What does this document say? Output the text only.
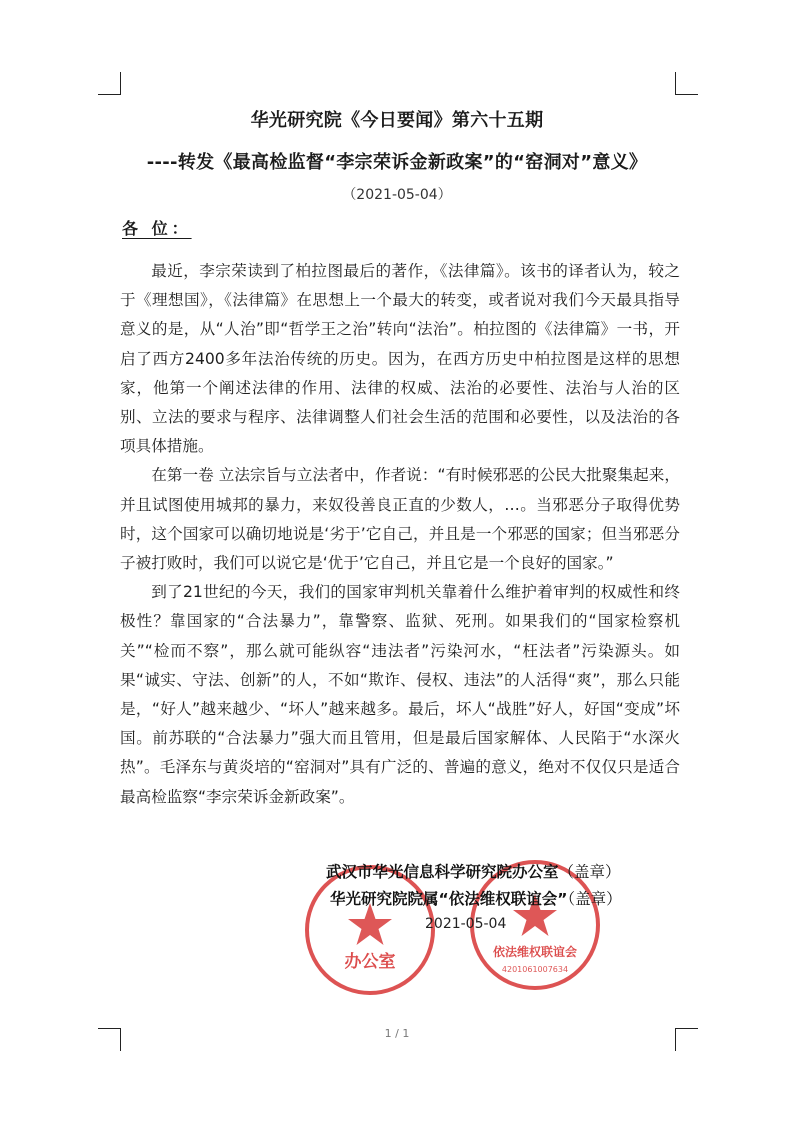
华光研究院《今日要闻》第六十五期
----转发《最高检监督“李宗荣诉金新政案”的“窑洞对”意义》
（2021-05-04）
各 位：

最近，李宗荣读到了柏拉图最后的著作，《法律篇》。该书的译者认为，较之于《理想国》，《法律篇》在思想上一个最大的转变，或者说对我们今天最具指导意义的是，从“人治”即“哲学王之治”转向“法治”。柏拉图的《法律篇》一书，开启了西方2400多年法治传统的历史。因为，在西方历史中柏拉图是这样的思想家，他第一个阐述法律的作用、法律的权威、法治的必要性、法治与人治的区别、立法的要求与程序、法律调整人们社会生活的范围和必要性，以及法治的各项具体措施。

在第一卷 立法宗旨与立法者中，作者说：“有时候邪恶的公民大批聚集起来，并且试图使用城邦的暴力，来奴役善良正直的少数人，…。当邪恶分子取得优势时，这个国家可以确切地说是‘劣于’它自己，并且是一个邪恶的国家；但当邪恶分子被打败时，我们可以说它是‘优于’它自己，并且它是一个良好的国家。”

到了21世纪的今天，我们的国家审判机关靠着什么维护着审判的权威性和终极性？靠国家的“合法暴力”，靠警察、监狱、死刑。如果我们的“国家检察机关”“检而不察”，那么就可能纵容“违法者”污染河水，“枉法者”污染源头。如果“诚实、守法、创新”的人，不如“欺诈、侵权、违法”的人活得“爽”，那么只能是，“好人”越来越少、“坏人”越来越多。最后，坏人“战胜”好人，好国“变成”坏国。前苏联的“合法暴力”强大而且管用，但是最后国家解体、人民陷于“水深火热”。毛泽东与黄炎培的“窑洞对”具有广泛的、普遍的意义，绝对不仅仅只是适合最高检监察“李宗荣诉金新政案”。

办公室	依法维权联谊会
4201061007634
武汉市华光信息科学研究院办公室（盖章）
华光研究院院属“依法维权联谊会”（盖章）
2021-05-04
1 / 1
